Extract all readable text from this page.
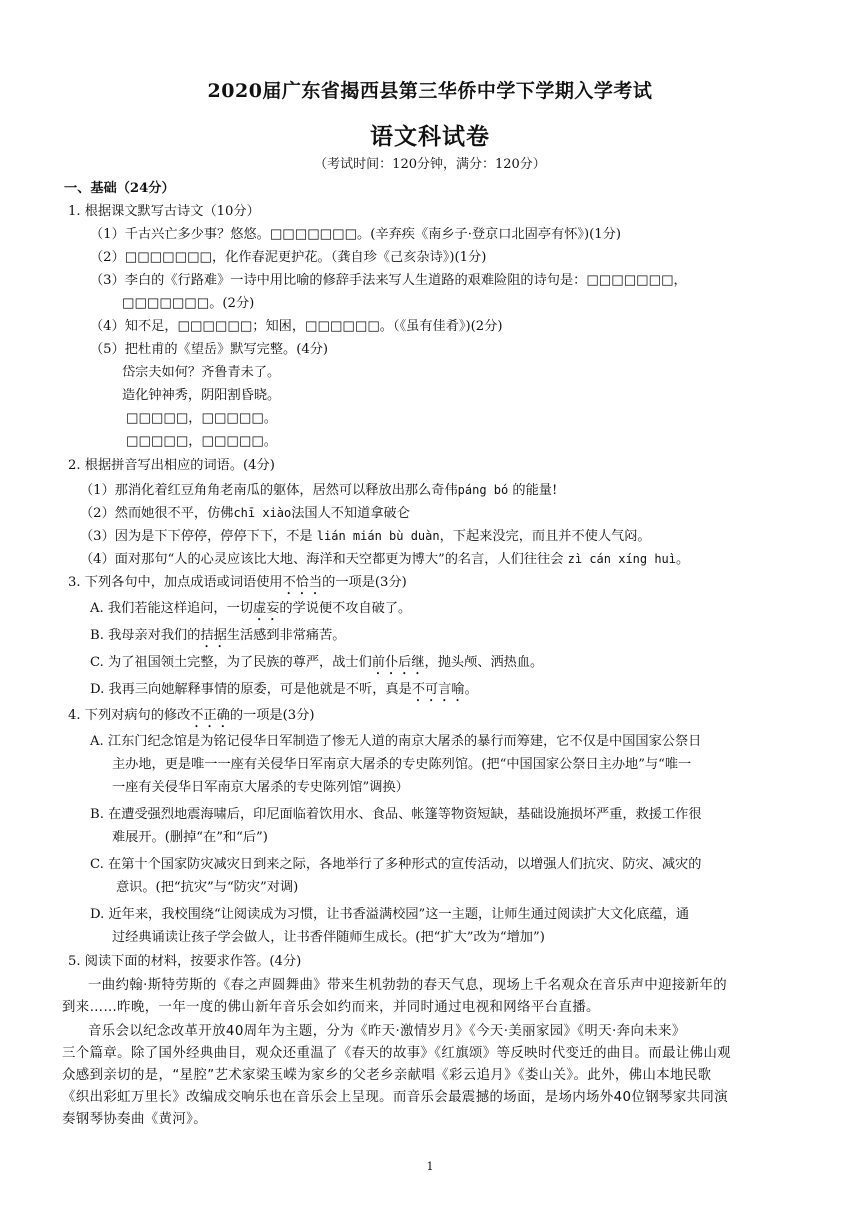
2020届广东省揭西县第三华侨中学下学期入学考试
语文科试卷
（考试时间：120分钟，满分：120分）
一、基础（24分）
1. 根据课文默写古诗文（10分）
（1）千古兴亡多少事？悠悠。□□□□□□□。(辛弃疾《南乡子·登京口北固亭有怀》)(1分)
（2）□□□□□□□，化作春泥更护花。（龚自珍《己亥杂诗》)(1分)
（3）李白的《行路难》一诗中用比喻的修辞手法来写人生道路的艰难险阻的诗句是：□□□□□□□，
□□□□□□□。(2分)
（4）知不足，□□□□□□；知困，□□□□□□。（《虽有佳肴》)(2分)
（5）把杜甫的《望岳》默写完整。(4分)
岱宗夫如何？齐鲁青未了。
造化钟神秀，阴阳割昏晓。
□□□□□，□□□□□。
□□□□□，□□□□□。
2. 根据拼音写出相应的词语。(4分)
（1）那消化着红豆角角老南瓜的躯体，居然可以释放出那么奇伟páng bó 的能量!
（2）然而她很不平，仿佛chī xiào法国人不知道拿破仑
（3）因为是下下停停，停停下下，不是 lián mián bù duàn，下起来没完，而且并不使人气闷。
（4）面对那句“人的心灵应该比大地、海洋和天空都更为博大”的名言，人们往往会 zì cán xíng huì。
3. 下列各句中，加点成语或词语使用不恰当的一项是(3分)
A. 我们若能这样追问，一切虚妄的学说便不攻自破了。
B. 我母亲对我们的拮据生活感到非常痛苦。
C. 为了祖国领土完整，为了民族的尊严，战士们前仆后继，抛头颅、洒热血。
D. 我再三向她解释事情的原委，可是他就是不听，真是不可言喻。
4. 下列对病句的修改不正确的一项是(3分)
A. 江东门纪念馆是为铭记侵华日军制造了惨无人道的南京大屠杀的暴行而筹建，它不仅是中国国家公祭日
主办地，更是唯一一座有关侵华日军南京大屠杀的专史陈列馆。(把“中国国家公祭日主办地”与“唯一
一座有关侵华日军南京大屠杀的专史陈列馆”调换）
B. 在遭受强烈地震海啸后，印尼面临着饮用水、食品、帐篷等物资短缺，基础设施损坏严重，救援工作很
难展开。(删掉“在”和“后”)
C. 在第十个国家防灾减灾日到来之际，各地举行了多种形式的宣传活动，以增强人们抗灾、防灾、减灾的
意识。(把“抗灾”与“防灾”对调)
D. 近年来，我校围绕“让阅读成为习惯，让书香溢满校园”这一主题，让师生通过阅读扩大文化底蕴，通
过经典诵读让孩子学会做人，让书香伴随师生成长。(把“扩大”改为“增加”)
5. 阅读下面的材料，按要求作答。(4分)
一曲约翰·斯特劳斯的《春之声圆舞曲》带来生机勃勃的春天气息，现场上千名观众在音乐声中迎接新年的
到来……昨晚，一年一度的佛山新年音乐会如约而来，并同时通过电视和网络平台直播。
音乐会以纪念改革开放40周年为主题，分为《昨天·激情岁月》《今天·美丽家园》《明天·奔向未来》
三个篇章。除了国外经典曲目，观众还重温了《春天的故事》《红旗颂》等反映时代变迁的曲目。而最让佛山观
众感到亲切的是，“星腔”艺术家梁玉嵘为家乡的父老乡亲献唱《彩云追月》《娄山关》。此外，佛山本地民歌
《织出彩虹万里长》改编成交响乐也在音乐会上呈现。而音乐会最震撼的场面，是场内场外40位钢琴家共同演
奏钢琴协奏曲《黄河》。
1
